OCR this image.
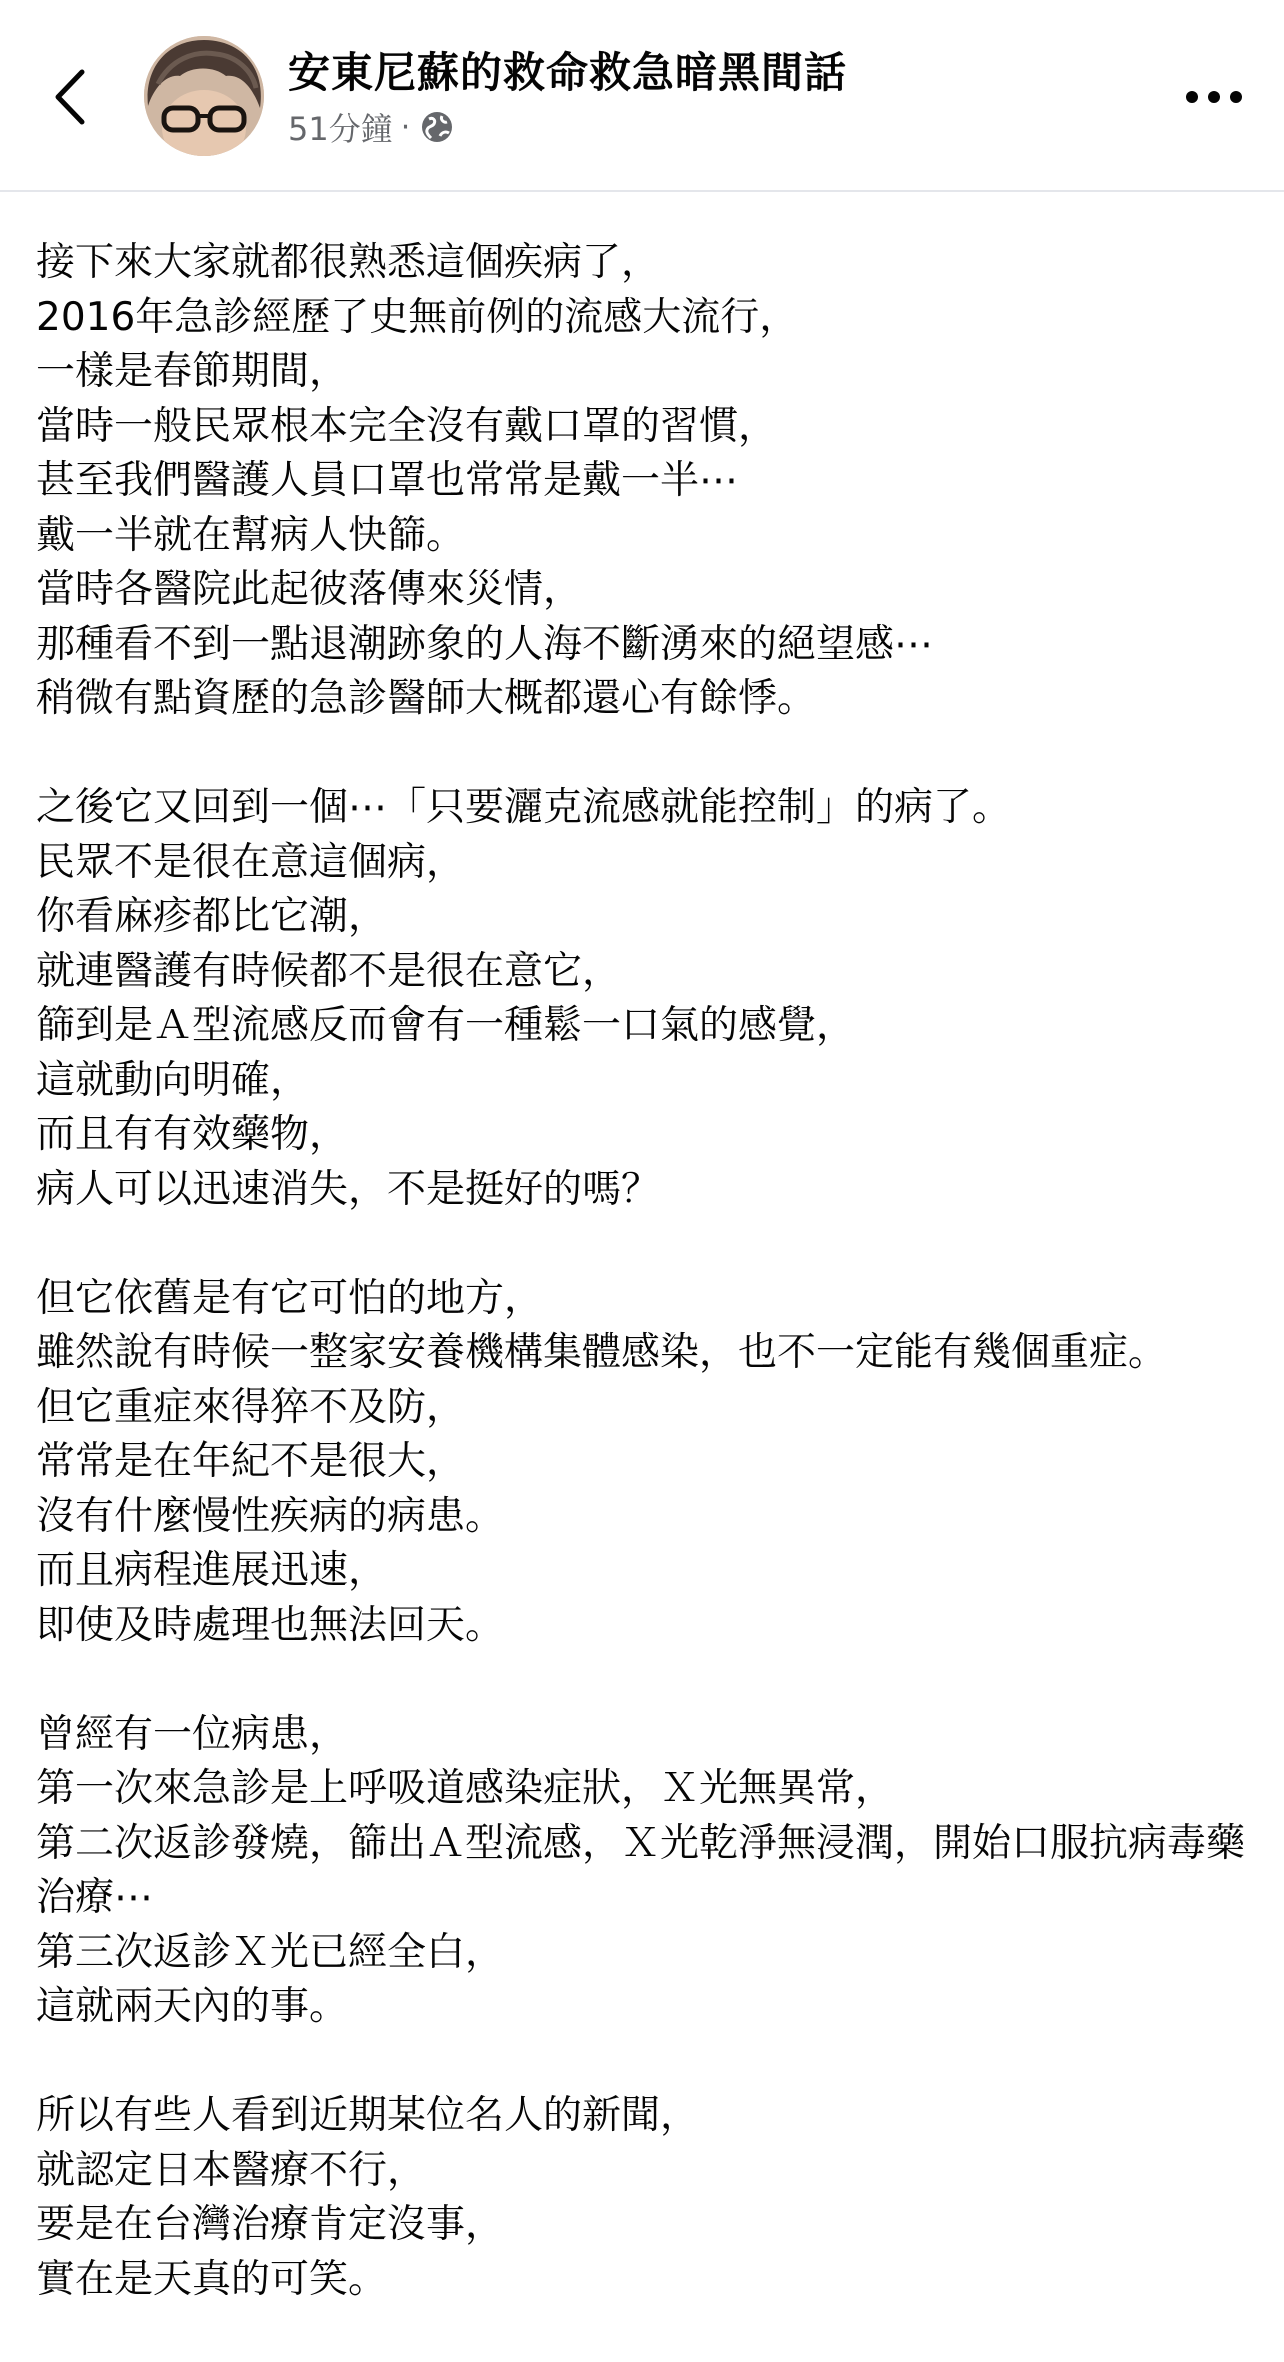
安東尼蘇的救命救急暗黑間話
51分鐘 ·
接下來大家就都很熟悉這個疾病了，
2016年急診經歷了史無前例的流感大流行，
一樣是春節期間，
當時一般民眾根本完全沒有戴口罩的習慣，
甚至我們醫護人員口罩也常常是戴一半⋯
戴一半就在幫病人快篩。
當時各醫院此起彼落傳來災情，
那種看不到一點退潮跡象的人海不斷湧來的絕望感⋯
稍微有點資歷的急診醫師大概都還心有餘悸。
之後它又回到一個⋯「只要灑克流感就能控制」的病了。
民眾不是很在意這個病，
你看麻疹都比它潮，
就連醫護有時候都不是很在意它，
篩到是Ａ型流感反而會有一種鬆一口氣的感覺，
這就動向明確，
而且有有效藥物，
病人可以迅速消失，不是挺好的嗎？
但它依舊是有它可怕的地方，
雖然說有時候一整家安養機構集體感染，也不一定能有幾個重症。
但它重症來得猝不及防，
常常是在年紀不是很大，
沒有什麼慢性疾病的病患。
而且病程進展迅速，
即使及時處理也無法回天。
曾經有一位病患，
第一次來急診是上呼吸道感染症狀，Ｘ光無異常，
第二次返診發燒，篩出Ａ型流感，Ｘ光乾淨無浸潤，開始口服抗病毒藥治療⋯
第三次返診Ｘ光已經全白，
這就兩天內的事。
所以有些人看到近期某位名人的新聞，
就認定日本醫療不行，
要是在台灣治療肯定沒事，
實在是天真的可笑。
